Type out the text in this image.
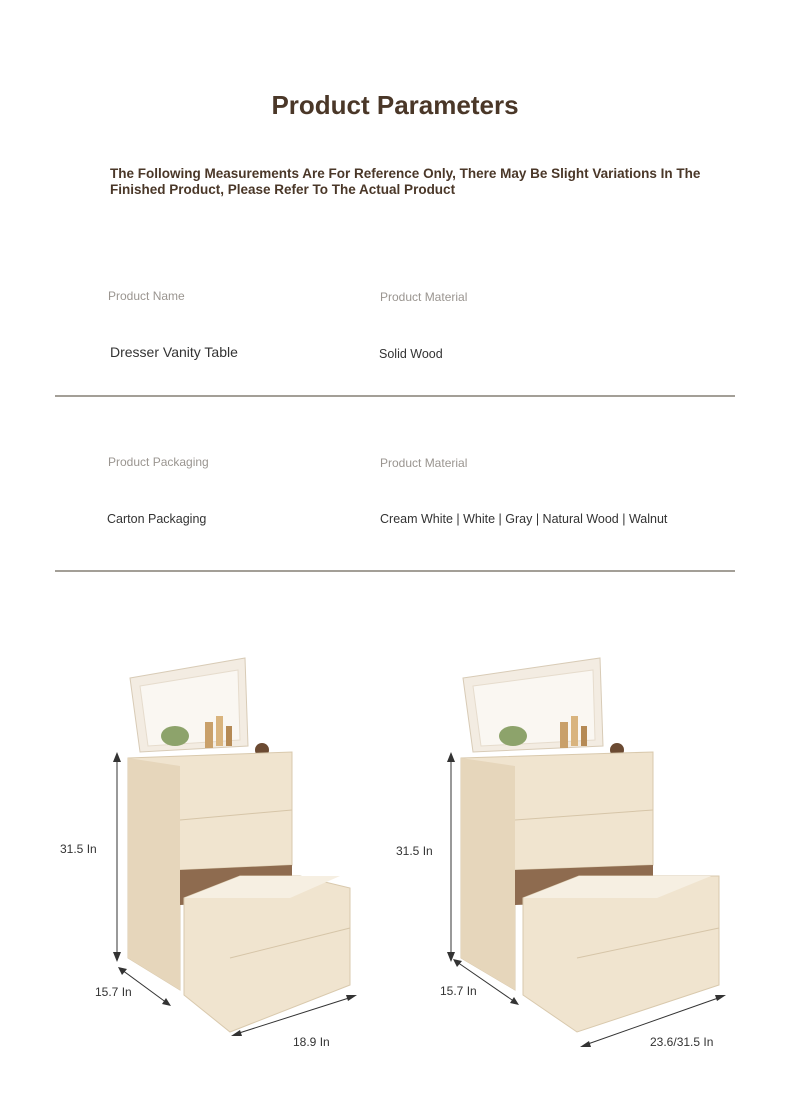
Product Parameters
The Following Measurements Are For Reference Only, There May Be Slight Variations In The Finished Product, Please Refer To The Actual Product
Product Name
Dresser Vanity Table
Product Material
Solid Wood
Product Packaging
Carton Packaging
Product Material
Cream White | White | Gray | Natural Wood | Walnut
31.5 In
15.7 In
18.9 In
31.5 In
15.7 In
23.6/31.5 In
